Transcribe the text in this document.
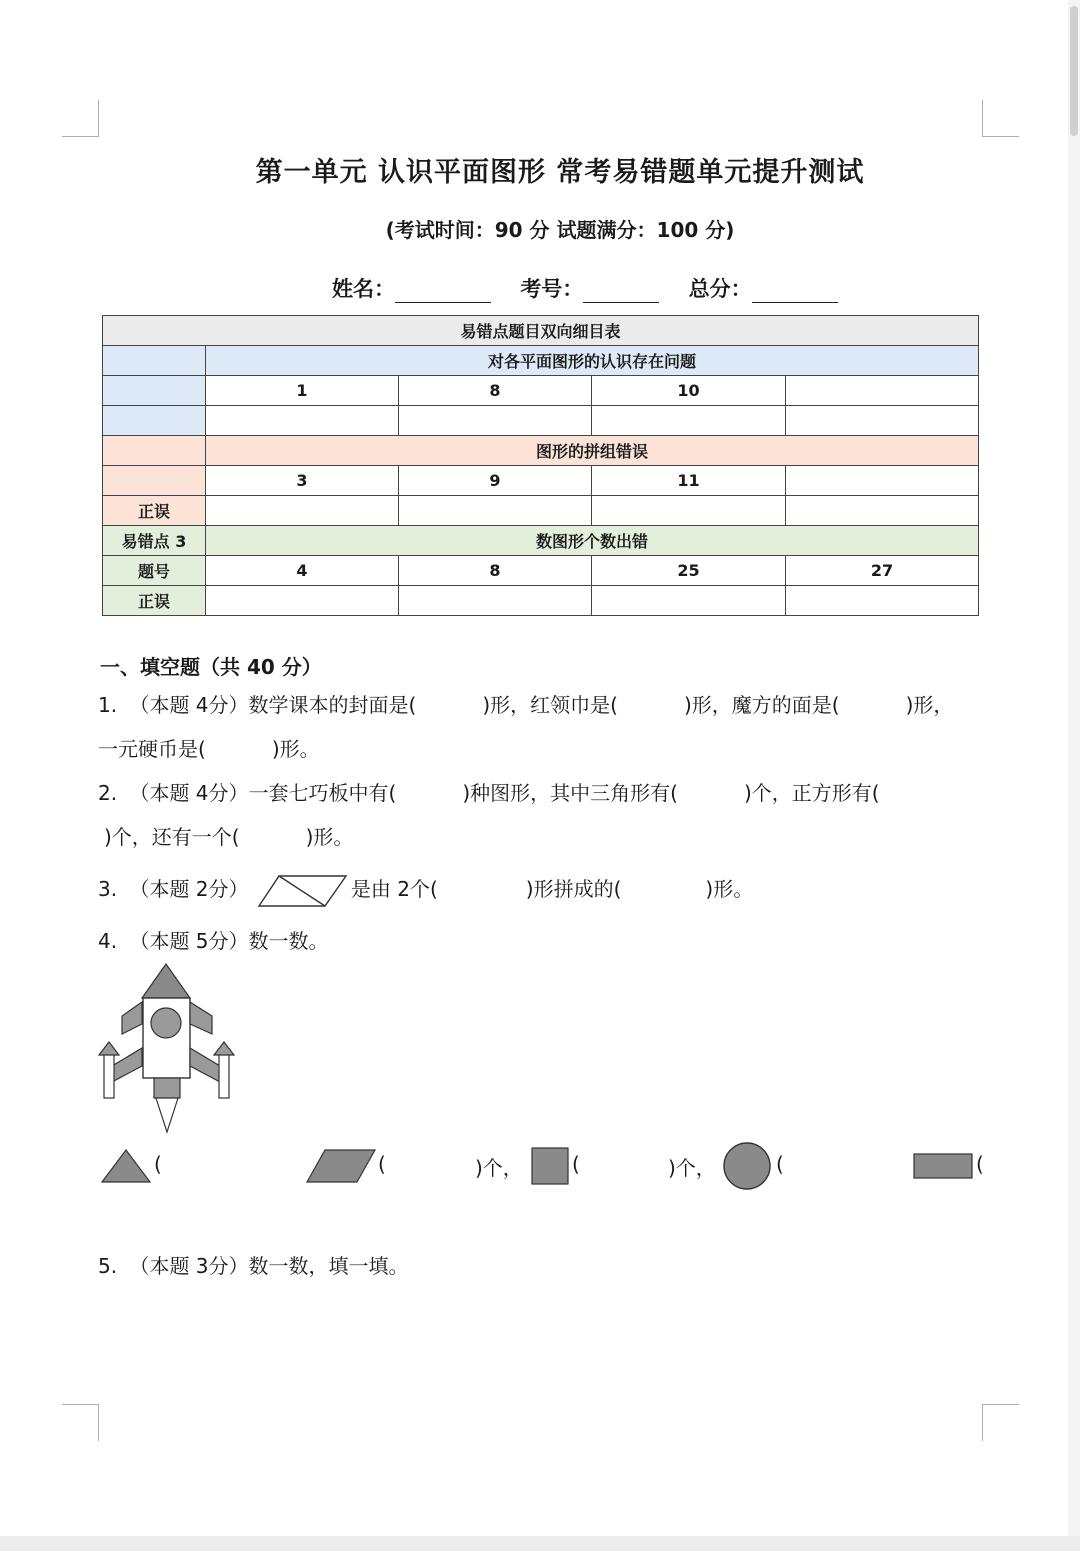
第一单元 认识平面图形 常考易错题单元提升测试
(考试时间：90 分 试题满分：100 分)
姓名：	考号：	总分：
易错点题目双向细目表				
	对各平面图形的认识存在问题			
	1	8	10	

	图形的拼组错误			
	3	9	11	
正误				
易错点 3	数图形个数出错			
题号	4	8	25	27
正误				
一、填空题（共 40 分）
1. （本题 4分）数学课本的封面是(	)形，红领巾是(	)形，魔方的面是(	)形，
一元硬币是(	)形。
2. （本题 4分）一套七巧板中有(	)种图形，其中三角形有(	)个，正方形有(
)个，还有一个(	)形。
3. （本题 2分）	是由 2个(	)形拼成的(	)形。
4. （本题 5分）数一数。
(	(	)个， (	)个，	(	(
5. （本题 3分）数一数，填一填。
